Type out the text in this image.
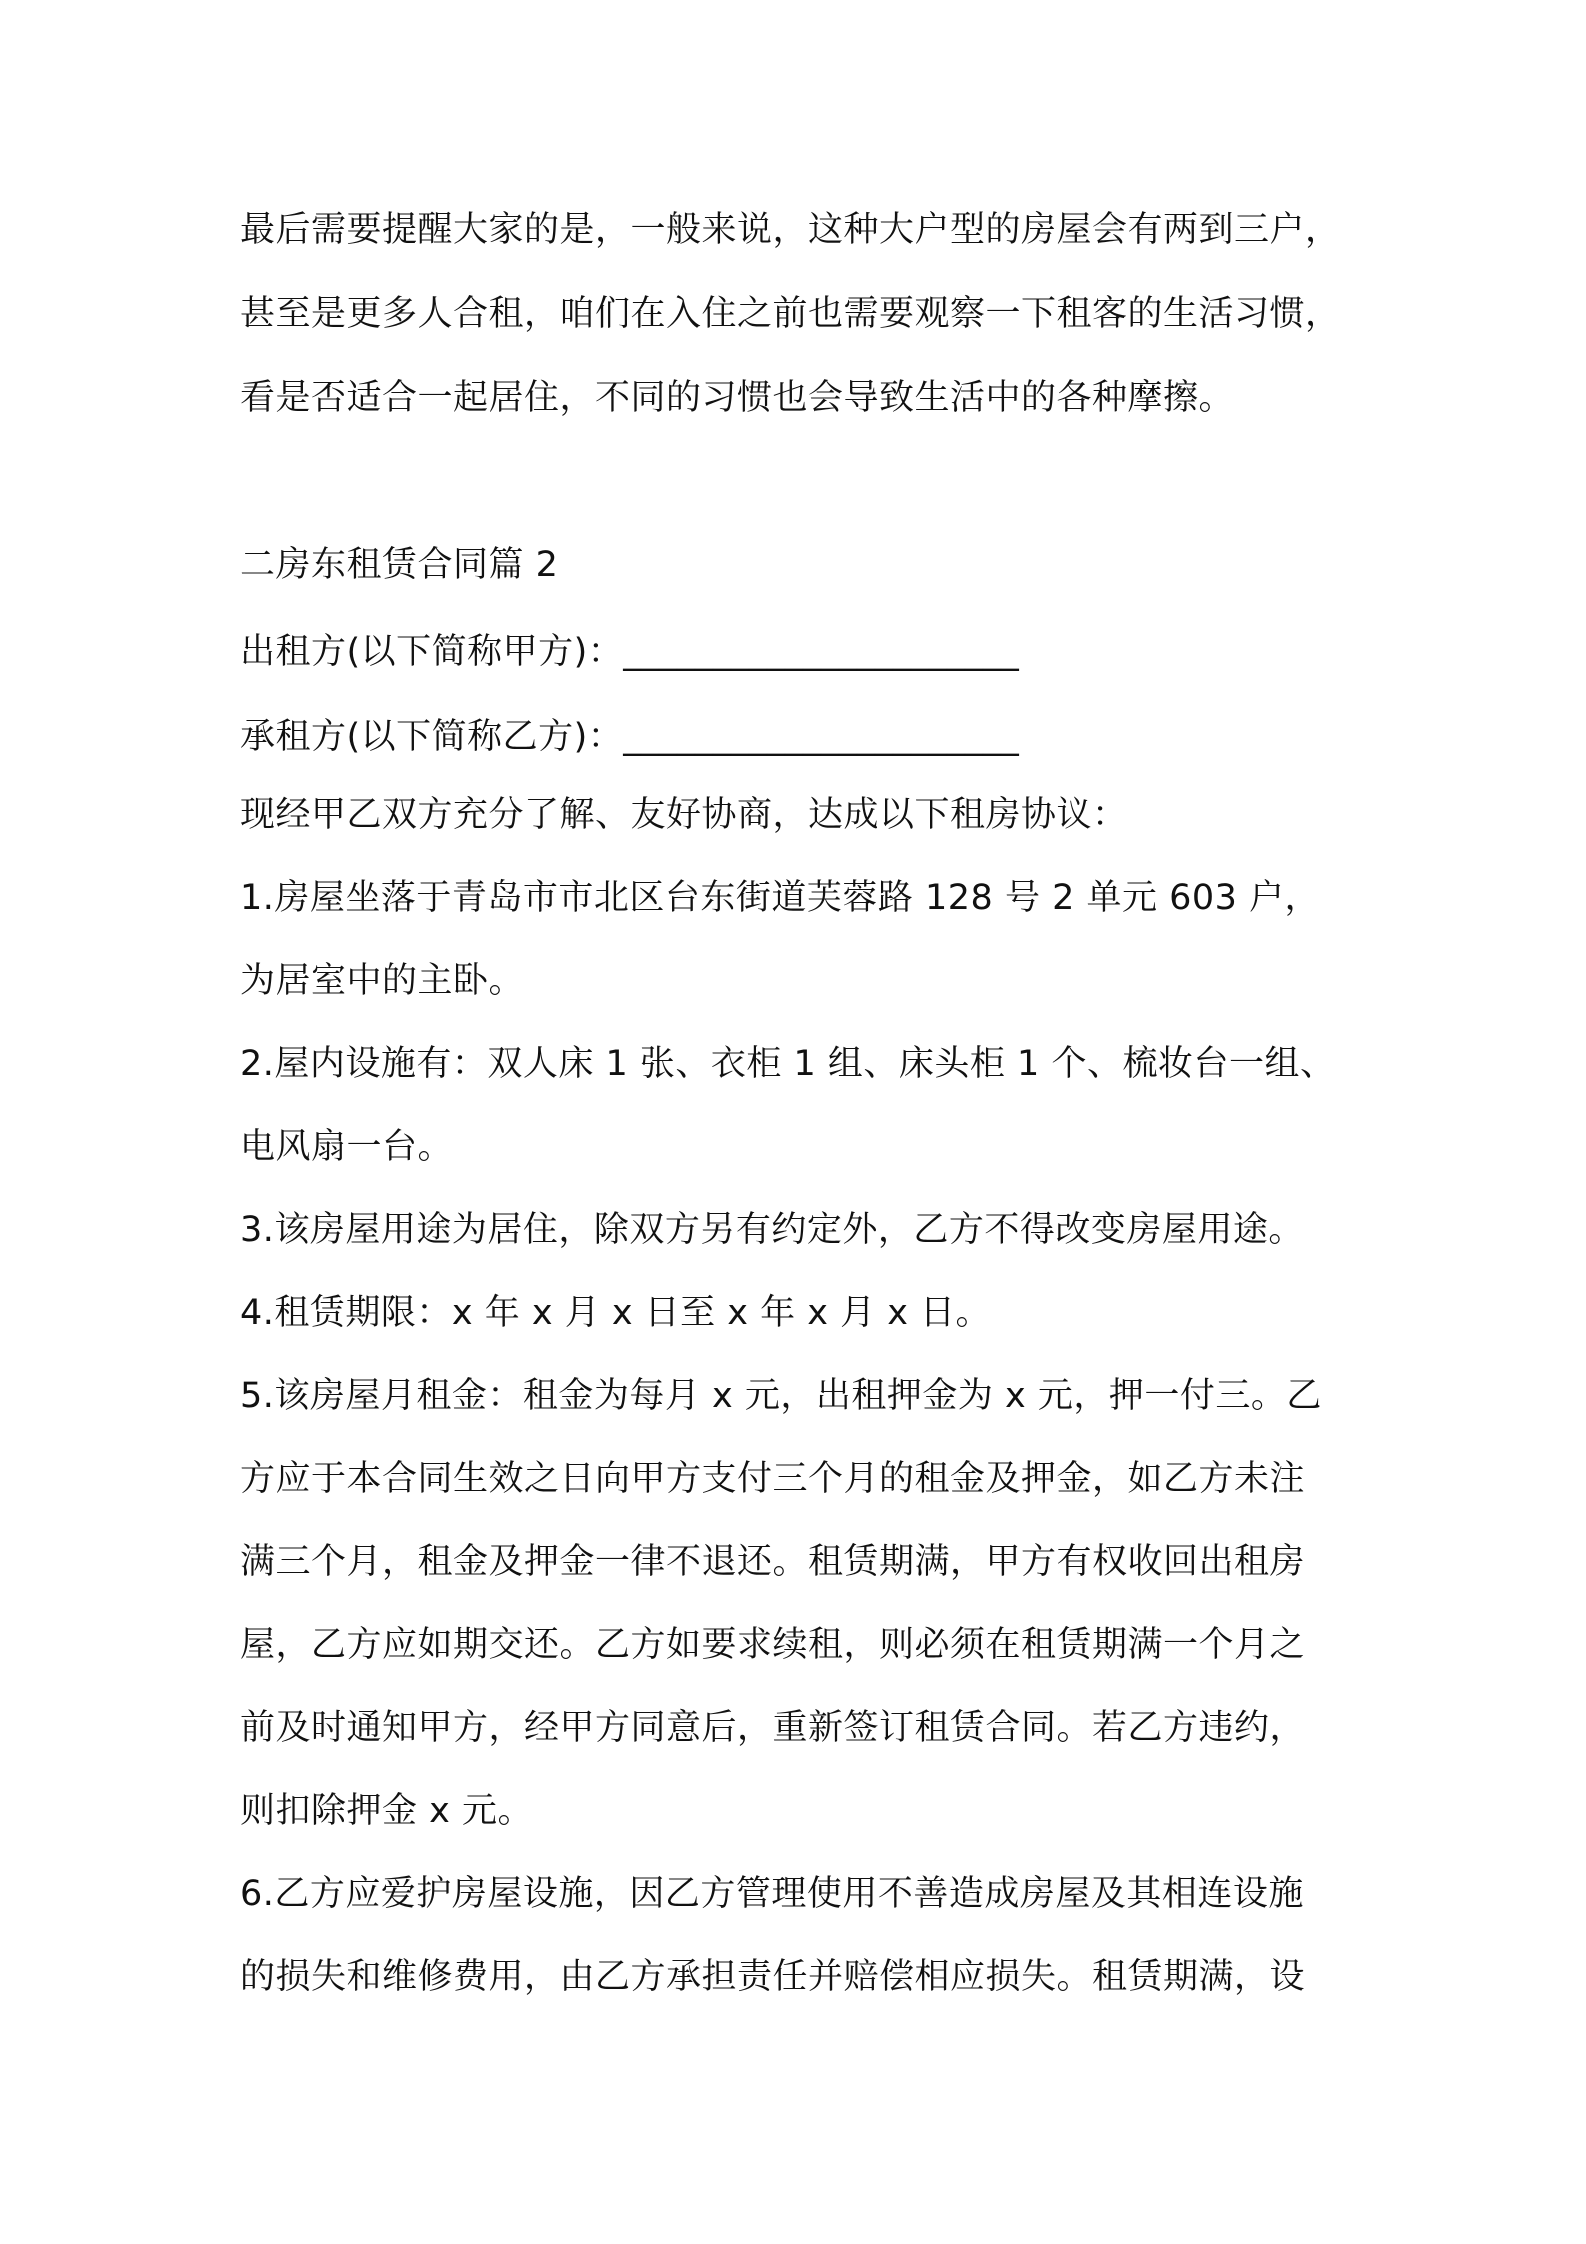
最后需要提醒大家的是，一般来说，这种大户型的房屋会有两到三户，
甚至是更多人合租，咱们在入住之前也需要观察一下租客的生活习惯，
看是否适合一起居住，不同的习惯也会导致生活中的各种摩擦。
二房东租赁合同篇 2
出租方(以下简称甲方)：______________________
承租方(以下简称乙方)：______________________
现经甲乙双方充分了解、友好协商，达成以下租房协议：
1.房屋坐落于青岛市市北区台东街道芙蓉路 128 号 2 单元 603 户，
为居室中的主卧。
2.屋内设施有：双人床 1 张、衣柜 1 组、床头柜 1 个、梳妆台一组、
电风扇一台。
3.该房屋用途为居住，除双方另有约定外，乙方不得改变房屋用途。
4.租赁期限：x 年 x 月 x 日至 x 年 x 月 x 日。
5.该房屋月租金：租金为每月 x 元，出租押金为 x 元，押一付三。乙
方应于本合同生效之日向甲方支付三个月的租金及押金，如乙方未注
满三个月，租金及押金一律不退还。租赁期满，甲方有权收回出租房
屋，乙方应如期交还。乙方如要求续租，则必须在租赁期满一个月之
前及时通知甲方，经甲方同意后，重新签订租赁合同。若乙方违约，
则扣除押金 x 元。
6.乙方应爱护房屋设施，因乙方管理使用不善造成房屋及其相连设施
的损失和维修费用，由乙方承担责任并赔偿相应损失。租赁期满，设
